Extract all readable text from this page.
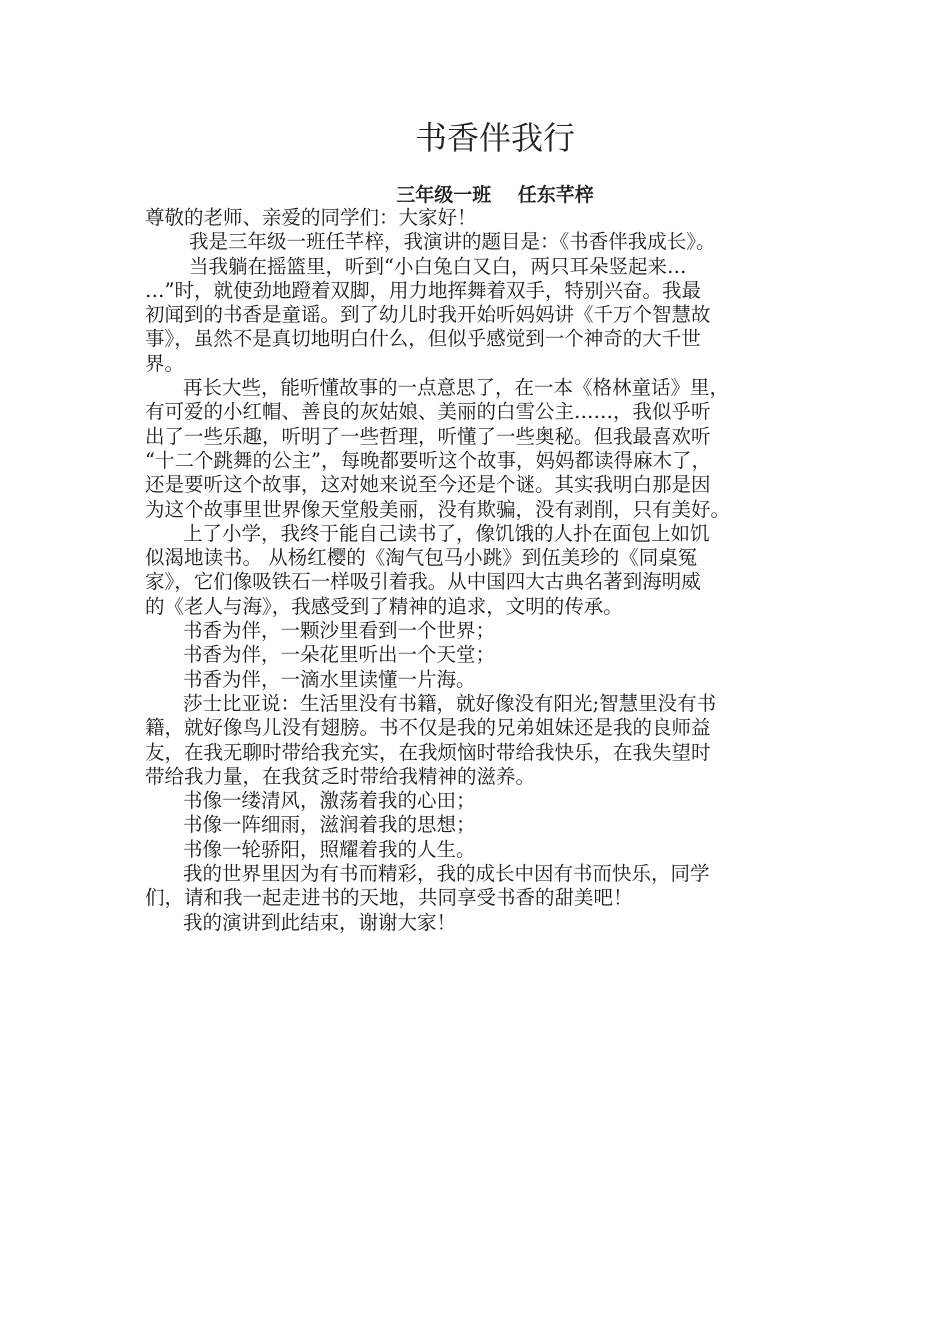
书香伴我行
三年级一班    任东芊梓
尊敬的老师、亲爱的同学们：大家好！
我是三年级一班任芊梓，我演讲的题目是：《书香伴我成长》。
当我躺在摇篮里，听到“小白兔白又白，两只耳朵竖起来…
…”时，就使劲地蹬着双脚，用力地挥舞着双手，特别兴奋。我最
初闻到的书香是童谣。到了幼儿时我开始听妈妈讲《千万个智慧故
事》，虽然不是真切地明白什么，但似乎感觉到一个神奇的大千世
界。
再长大些，能听懂故事的一点意思了，在一本《格林童话》里，
有可爱的小红帽、善良的灰姑娘、美丽的白雪公主……，我似乎听
出了一些乐趣，听明了一些哲理，听懂了一些奥秘。但我最喜欢听
“十二个跳舞的公主”，每晚都要听这个故事，妈妈都读得麻木了，
还是要听这个故事，这对她来说至今还是个谜。其实我明白那是因
为这个故事里世界像天堂般美丽，没有欺骗，没有剥削，只有美好。
上了小学，我终于能自己读书了，像饥饿的人扑在面包上如饥
似渴地读书。 从杨红樱的《淘气包马小跳》到伍美珍的《同桌冤
家》，它们像吸铁石一样吸引着我。从中国四大古典名著到海明威
的《老人与海》，我感受到了精神的追求，文明的传承。
书香为伴，一颗沙里看到一个世界；
书香为伴，一朵花里听出一个天堂；
书香为伴，一滴水里读懂一片海。
莎士比亚说：生活里没有书籍，就好像没有阳光;智慧里没有书
籍，就好像鸟儿没有翅膀。书不仅是我的兄弟姐妹还是我的良师益
友，在我无聊时带给我充实，在我烦恼时带给我快乐，在我失望时
带给我力量，在我贫乏时带给我精神的滋养。
书像一缕清风，激荡着我的心田；
书像一阵细雨，滋润着我的思想；
书像一轮骄阳，照耀着我的人生。
我的世界里因为有书而精彩，我的成长中因有书而快乐，同学
们，请和我一起走进书的天地，共同享受书香的甜美吧！
我的演讲到此结束，谢谢大家！
